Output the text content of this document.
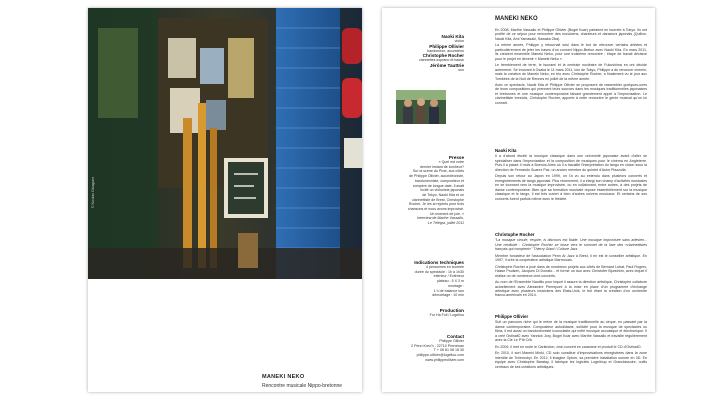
© Nicolas Gloaguen
MANEKI NEKO
Rencontre musicale Nippo-bretonne
MANEKI NEKO
Naoki Kita
violon
Philippe Ollivier
bandonéon, accordéon
Christophe Rocher
clarinettes soprano et basse
Jérôme Tauttrie
son
Presse
« Quel est votre
dernier instant de bonheur?
Sur la scène du Pixie, aux côtés
de Philippe Ollivier, accordéoniste,
bandonéoniste, compositeur et
compère de longue date. Il avait
invité un violoniste japonais
de Tokyo, Naoki Kita et un
clarinettiste de Brest, Christophe
Rocher. Je les ai rejoints pour trois
chansons et nous avons improvisé.
Un moment de joie. »
Interview de Marthe Vassallo,
Le Télégra, juillet 2011
Indications techniques
4 personnes en tournée
durée du spectacle : 1h à 1h30
intérieur / Extérieur
plateau : 5 X 3 m
montage :
1 h de balance son
démontage : 10 min
Production
Fur Ha Foll / Logellou
Contact
Philippe Ollivier
2 Penn Krec'h - 22710 Penvénan
T + 06 81 08 18 30
philippe.ollivier@logellou.com
www.philippeollivier.com

En 2008, Marthe Vassallo et Philippe Ollivier (Bugel Koar) partaient en tournée à Tokyo. Ils ont profité de ce séjour pour rencontrer des musiciens, chanteurs et danseurs japonais (Quillon, Naoki Kita, Ami Yamasaki, Sawaka Oka).

La même année, Philippe y retournait seul dans le but de retrouver certains artistes et particulièrement de jeter les bases d'un concert Nippo-Breton avec Naoki Kita. En mars 2011, ils créaient ensemble Maneki Neko, pour une troisième rencontre ; étape de travail décisive pour le projet en devenir « Maneki Neko ».

Le tremblement de terre, le tsunami et la centrale nucléaire de Fukushima en ont décidé autrement. Se trouvant à Osaka le 11 mars 2011, loin de Tokyo, Philippe a dû renoncer chemin, mais la création de Maneki Neko, en trio avec Christophe Rocher, a finalement vu le jour aux Tombées de la Nuit de Rennes en juillet de la même année.

Avec ce spectacle, Naoki Kita et Philippe Ollivier se proposent de rassembler quelques-unes de leurs compositions qui prennent leurs sources dans les musiques traditionnelles japonaises et bretonnes et une musique contemporaine faisant grandement appel à l'improvisation. Le clarinettiste brestois, Christophe Rocher, apporte à cette rencontre le génie musical qu'on lui connaît.

Naoki Kita

Il a d'abord étudié la musique classique dans une université japonaise avant d'aller se spécialiser dans l'improvisation et la composition de musiques pour le cinéma en Angleterre. Puis il a passé 4 mois à Buenos Aires où il a travaillé l'interprétation du tango en violon sous la direction de Fernando Suarez Paz, un ancien membre du quintet d'Astor Piazzolla.

Depuis son retour au Japon en 1999, on l'a vu au entendu dans plusieurs concerts et enregistrements de tango japonais. Plus récemment, il a élargi son champ d'activités musicales en se tournant vers la musique improvisée, ou en collaborant, entre autres, à des projets de danse contemporaine. Bien que sa formation musicale repose essentiellement sur la musique classique et le tango, il est très ouvert à bien d'autres univers musicaux. Et certains de ses concerts furent parfois même avec le théâtre.

Christophe Rocher

"La musique circule, respire, is discours est fluide. Une musique improvisée sans arlésien... Une certitude : Christophe Rocher se hisse vers le sommet de la liste des «clarinettistes français qui comptent»" Thierry Giard / Culture Jazz

Membre fondateur de l'association Penn Ar Jazz à Brest, il en est le conseiller artistique. En 1997, il crée la coopérative artistique Marmouzic.

Christophe Rocher a joué dans de nombreux projets aux côtés de Bernard Lubat, Paul Rogers, Hasse Poulsen, Jacques Di Donato... et forme un duo avec Christofer Bjurström, avec lequel il réalise un de nombreux ciné-concerts.

Au nom de l'Ensemble Nautilis pour lequel il assure la direction artistique, Christophe collabore actuellement avec Alexandre Pierrepont à la mise en place d'un programme d'échange artistique avec plusieurs musiciens des Etats-Unis, le but étant la création d'un orchestre franco-américain en 2014.

Philippe Ollivier

Suit un parcours riche qui le mène de la musique traditionnelle au cirque, en passant par la danse contemporaine. Compositeur autodidacte, sollicité pour la musique de spectacles ou films, il est aussi un bandonéoniste iconoclaste qui mêle musique acoustique et électronique. Il a créé OstinatO avec Yannick Jory, Bugel Koar avec Marthe Vassallo et travaille régulièrement avec la Cie Le P'tit Crik.

En 2009, il met en route le Carkindon, ciné-concert en caravane et produit le CD d'OstinatO.

En 2010, il sort Maneki Minki, CD solo constitué d'improvisations enregistrées dans la zone interdite de Tchernobyl. En 2012, il imagine Opium, sa première installation sonore en 3D. En équipe avec Christophe Baratay, il fabrique les logiciels Logelloup et Granulassoire, outils centraux de ses créations artistiques.
